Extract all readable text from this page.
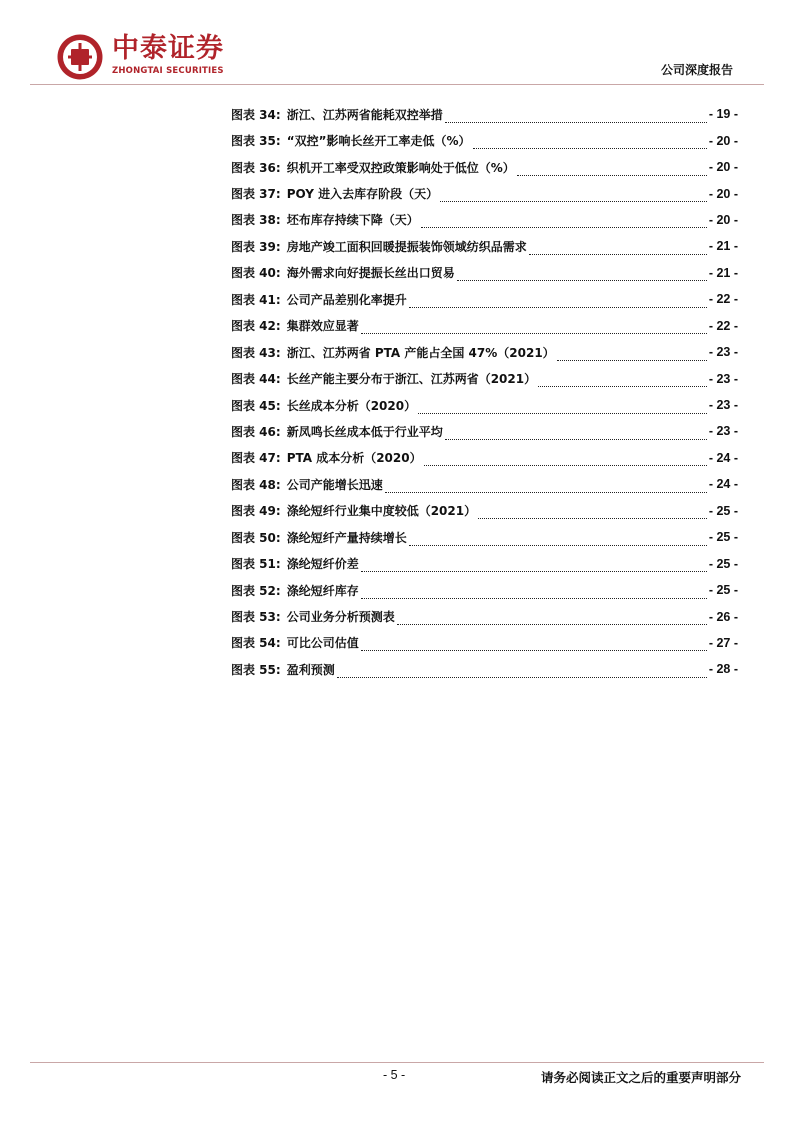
中泰证券
ZHONGTAI SECURITIES	公司深度报告
图表 34: 浙江、江苏两省能耗双控举措	- 19 -
图表 35: “双控”影响长丝开工率走低（%）	- 20 -
图表 36: 织机开工率受双控政策影响处于低位（%）	- 20 -
图表 37: POY 进入去库存阶段（天）	- 20 -
图表 38: 坯布库存持续下降（天）	- 20 -
图表 39: 房地产竣工面积回暖提振装饰领域纺织品需求	- 21 -
图表 40: 海外需求向好提振长丝出口贸易	- 21 -
图表 41: 公司产品差别化率提升	- 22 -
图表 42: 集群效应显著	- 22 -
图表 43: 浙江、江苏两省 PTA 产能占全国 47%（2021）	- 23 -
图表 44: 长丝产能主要分布于浙江、江苏两省（2021）	- 23 -
图表 45: 长丝成本分析（2020）	- 23 -
图表 46: 新凤鸣长丝成本低于行业平均	- 23 -
图表 47: PTA 成本分析（2020）	- 24 -
图表 48: 公司产能增长迅速	- 24 -
图表 49: 涤纶短纤行业集中度较低（2021）	- 25 -
图表 50: 涤纶短纤产量持续增长	- 25 -
图表 51: 涤纶短纤价差	- 25 -
图表 52: 涤纶短纤库存	- 25 -
图表 53: 公司业务分析预测表	- 26 -
图表 54: 可比公司估值	- 27 -
图表 55: 盈利预测	- 28 -
- 5 -	请务必阅读正文之后的重要声明部分
